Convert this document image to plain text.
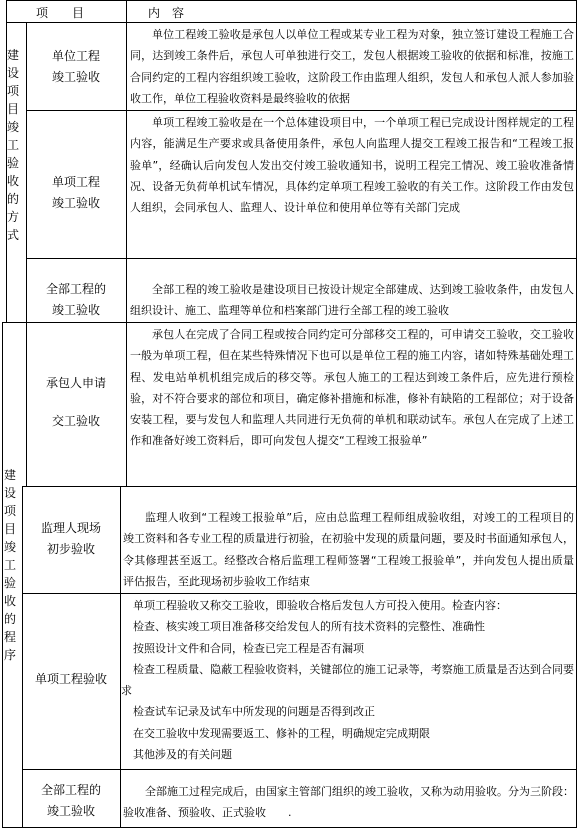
项　　目	内　容
建设项目竣工验收的方式
建设项目竣工验收的程序
单位工程
竣工验收

单位工程竣工验收是承包人以单位工程或某专业工程为对象，独立签订建设工程施工合同，达到竣工条件后，承包人可单独进行交工，发包人根据竣工验收的依据和标准，按施工合同约定的工程内容组织竣工验收，这阶段工作由监理人组织，发包人和承包人派人参加验收工作，单位工程验收资料是最终验收的依据

单项工程
竣工验收

单项工程竣工验收是在一个总体建设项目中，一个单项工程已完成设计图样规定的工程内容，能满足生产要求或具备使用条件，承包人向监理人提交工程竣工报告和“工程竣工报验单”，经确认后向发包人发出交付竣工验收通知书，说明工程完工情况、竣工验收准备情况、设备无负荷单机试车情况，具体约定单项工程竣工验收的有关工作。这阶段工作由发包人组织，会同承包人、监理人、设计单位和使用单位等有关部门完成

全部工程的
竣工验收

全部工程的竣工验收是建设项目已按设计规定全部建成、达到竣工验收条件，由发包人组织设计、施工、监理等单位和档案部门进行全部工程的竣工验收

承包人申请
交工验收

承包人在完成了合同工程或按合同约定可分部移交工程的，可申请交工验收，交工验收一般为单项工程，但在某些特殊情况下也可以是单位工程的施工内容，诸如特殊基础处理工程、发电站单机机组完成后的移交等。承包人施工的工程达到竣工条件后，应先进行预检验，对不符合要求的部位和项目，确定修补措施和标准，修补有缺陷的工程部位；对于设备安装工程，要与发包人和监理人共同进行无负荷的单机和联动试车。承包人在完成了上述工作和准备好竣工资料后，即可向发包人提交“工程竣工报验单”

监理人现场
初步验收

监理人收到“工程竣工报验单”后，应由总监理工程师组成验收组，对竣工的工程项目的竣工资料和各专业工程的质量进行初验，在初验中发现的质量问题，要及时书面通知承包人，令其修理甚至返工。经整改合格后监理工程师签署“工程竣工报验单”，并向发包人提出质量评估报告，至此现场初步验收工作结束

单项工程验收

单项工程验收又称交工验收，即验收合格后发包人方可投入使用。检查内容：

检查、核实竣工项目准备移交给发包人的所有技术资料的完整性、准确性

按照设计文件和合同，检查已完工程是否有漏项

检查工程质量、隐蔽工程验收资料，关键部位的施工记录等，考察施工质量是否达到合同要求

检查试车记录及试车中所发现的问题是否得到改正

在交工验收中发现需要返工、修补的工程，明确规定完成期限

其他涉及的有关问题

全部工程的
竣工验收

全部施工过程完成后，由国家主管部门组织的竣工验收，又称为动用验收。分为三阶段：验收准备、预验收、正式验收　　.
